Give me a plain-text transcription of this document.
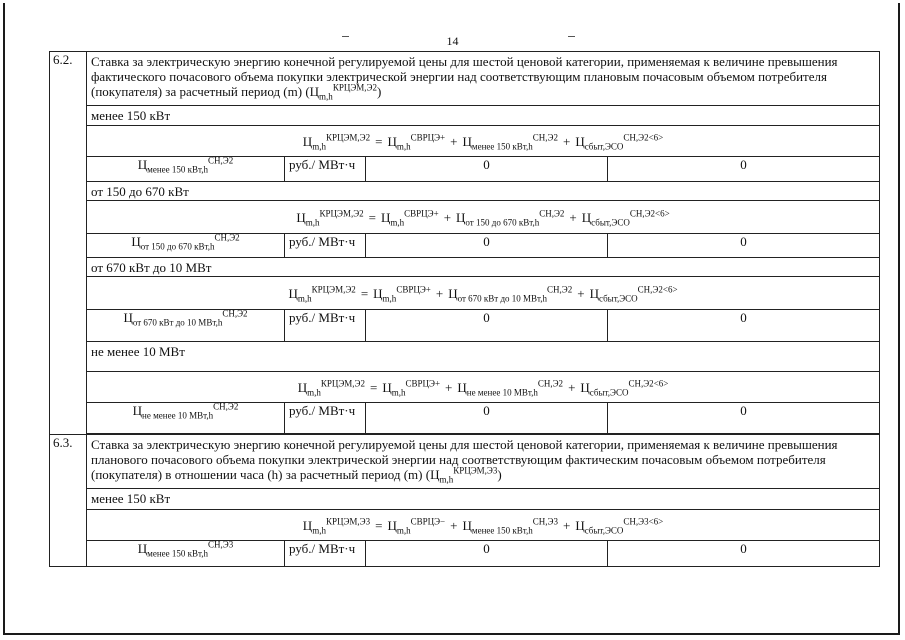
14
6.2.	Ставка за электрическую энергию конечной регулируемой цены для шестой ценовой категории, применяемая к величине превышения фактического почасового объема покупки электрической энергии над соответствующим плановым почасовым объемом потребителя (покупателя) за расчетный период (m) $(Ц_{m,h}^{КРЦЭМ,Э2})$			
	менее 150 кВт			
	$Ц_{m,h}^{КРЦЭМ,Э2} = Ц_{m,h}^{СВРЦЭ+} + Ц_{менее 150 кВт,h}^{СН,Э2} + Ц_{сбыт,ЭСО}^{СН,Э2<6>}$
	$Ц_{менее 150 кВт,h}^{СН,Э2}$	руб./ МВт·ч	0	0
	от 150 до 670 кВт			
	$Ц_{m,h}^{КРЦЭМ,Э2} = Ц_{m,h}^{СВРЦЭ+} + Ц_{от 150 до 670 кВт,h}^{СН,Э2} + Ц_{сбыт,ЭСО}^{СН,Э2<6>}$
	$Ц_{от 150 до 670 кВт,h}^{СН,Э2}$	руб./ МВт·ч	0	0
	от 670 кВт до 10 МВт			
	$Ц_{m,h}^{КРЦЭМ,Э2} = Ц_{m,h}^{СВРЦЭ+} + Ц_{от 670 кВт до 10 МВт,h}^{СН,Э2} + Ц_{сбыт,ЭСО}^{СН,Э2<6>}$
	$Ц_{от 670 кВт до 10 МВт,h}^{СН,Э2}$	руб./ МВт·ч	0	0
	не менее 10 МВт			
	$Ц_{m,h}^{КРЦЭМ,Э2} = Ц_{m,h}^{СВРЦЭ+} + Ц_{не менее 10 МВт,h}^{СН,Э2} + Ц_{сбыт,ЭСО}^{СН,Э2<6>}$
	$Ц_{не менее 10 МВт,h}^{СН,Э2}$	руб./ МВт·ч	0	0

6.3.	Ставка за электрическую энергию конечной регулируемой цены для шестой ценовой категории, применяемая к величине превышения планового почасового объема покупки электрической энергии над соответствующим фактическим почасовым объемом потребителя (покупателя) в отношении часа (h) за расчетный период (m) $(Ц_{m,h}^{КРЦЭМ,Э3})$			
	менее 150 кВт			
	$Ц_{m,h}^{КРЦЭМ,Э3} = Ц_{m,h}^{СВРЦЭ-} + Ц_{менее 150 кВт,h}^{СН,Э3} + Ц_{сбыт,ЭСО}^{СН,Э3<6>}$
	$Ц_{менее 150 кВт,h}^{СН,Э3}$	руб./ МВт·ч	0	0
